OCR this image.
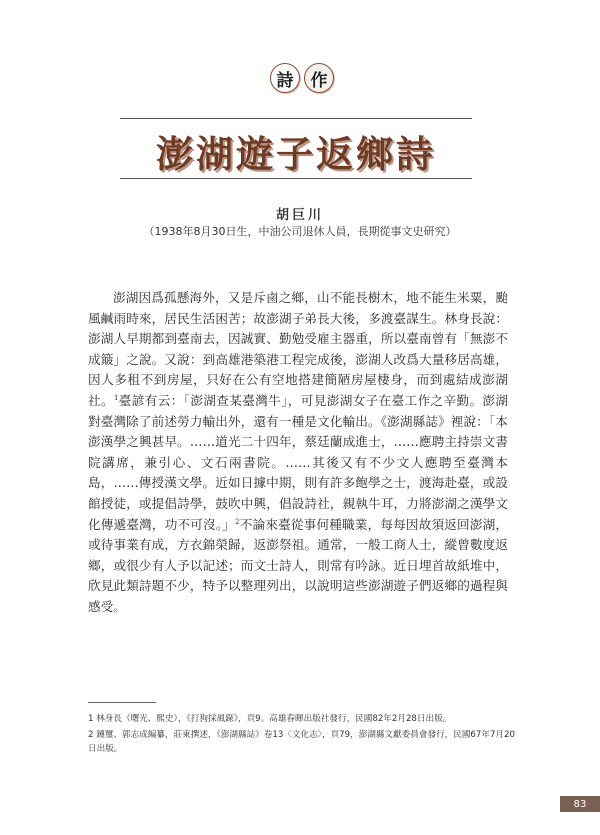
詩	作
澎湖遊子返鄉詩
胡巨川
（1938年8月30日生，中油公司退休人員，長期從事文史研究）
澎湖因爲孤懸海外，又是斥鹵之鄉，山不能長樹木，地不能生米粟，颱風鹹雨時來，居民生活困苦；故澎湖子弟長大後，多渡臺謀生。林身長說：澎湖人早期都到臺南去，因誠實、勤勉受雇主器重，所以臺南曾有「無澎不成簸」之說。又說：到高雄港築港工程完成後，澎湖人改爲大量移居高雄，因人多租不到房屋，只好在公有空地搭建簡陋房屋棲身，而到處結成澎湖社。$^1$臺諺有云：「澎湖查某臺灣牛」，可見澎湖女子在臺工作之辛勤。澎湖對臺灣除了前述勞力輸出外，還有一種是文化輸出。《澎湖縣誌》裡說：「本澎漢學之興甚早。……道光二十四年，蔡廷蘭成進士，……應聘主持崇文書院講席，兼引心、文石兩書院。……其後又有不少文人應聘至臺灣本島，……傳授漢文學。近如日據中期，則有許多飽學之士，渡海赴臺，或設館授徒，或提倡詩學，鼓吹中興，倡設詩社，親執牛耳，力將澎湖之漢學文化傳遞臺灣，功不可沒。」$^2$不論來臺從事何種職業，每每因故須返回澎湖，或待事業有成，方衣錦榮歸，返澎祭祖。通常，一般工商人士，縱曾數度返鄉，或很少有人予以記述；而文士詩人，則常有吟詠。近日埋首故紙堆中，欣見此類詩題不少，特予以整理列出，以說明這些澎湖遊子們返鄉的過程與感受。
1 林身長（曙光、熙史），《打狗採風錄》，頁9。高雄春暉出版社發行，民國82年2月28日出版。
2 鍾璽、郭志成編纂，莊東撰述，《澎湖縣誌》卷13〈文化志〉，頁79，澎湖縣文獻委員會發行，民國67年7月20日出版。
83
